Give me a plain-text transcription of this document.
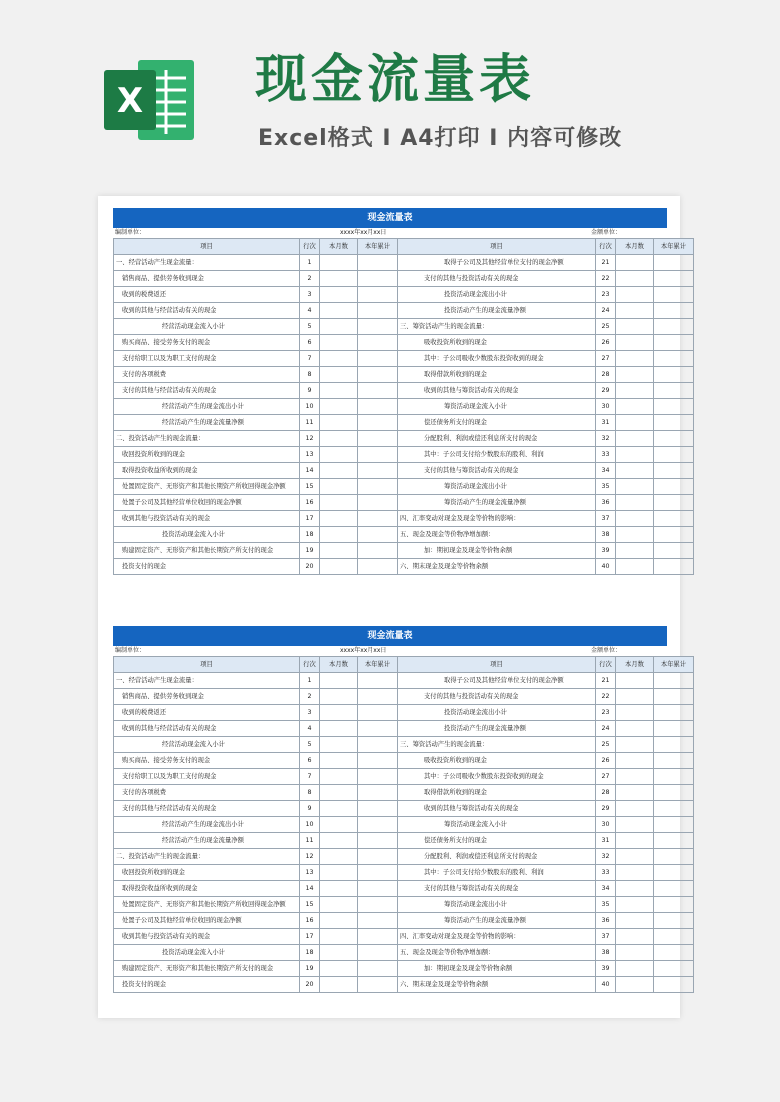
X 现金流量表
Excel格式 Ⅰ A4打印 Ⅰ 内容可修改
现金流量表
编制单位：	xxxx年xx月xx日	金额单位：
项目	行次	本月数	本年累计	项目	行次	本月数	本年累计
一、经营活动产生现金流量：	1			取得子公司及其他经营单位支付的现金净额	21		
销售商品、提供劳务收到现金	2			支付的其他与投资活动有关的现金	22		
收到的税费返还	3			投资活动现金流出小计	23		
收到的其他与经营活动有关的现金	4			投资活动产生的现金流量净额	24		
经营活动现金流入小计	5			三、筹资活动产生的现金流量：	25		
购买商品、接受劳务支付的现金	6			吸收投资所收到的现金	26		
支付给职工以及为职工支付的现金	7			其中：子公司吸收少数股东投资收到的现金	27		
支付的各项税费	8			取得借款所收到的现金	28		
支付的其他与经营活动有关的现金	9			收到的其他与筹资活动有关的现金	29		
经营活动产生的现金流出小计	10			筹资活动现金流入小计	30		
经营活动产生的现金流量净额	11			偿还债务所支付的现金	31		
二、投资活动产生的现金流量：	12			分配股利、利润或偿还利息所支付的现金	32		
收回投资所收到的现金	13			其中：子公司支付给少数股东的股利、利润	33		
取得投资收益所收到的现金	14			支付的其他与筹资活动有关的现金	34		
处置固定资产、无形资产和其他长期资产所收回得现金净额	15			筹资活动现金流出小计	35		
处置子公司及其他经营单位收回的现金净额	16			筹资活动产生的现金流量净额	36		
收到其他与投资活动有关的现金	17			四、汇率变动对现金及现金等价物的影响：	37		
投资活动现金流入小计	18			五、现金及现金等价物净增加额：	38		
购建固定资产、无形资产和其他长期资产所支付的现金	19			加：期初现金及现金等价物余额	39		
投资支付的现金	20			六、期末现金及现金等价物余额	40		
现金流量表
编制单位：	xxxx年xx月xx日	金额单位：
项目	行次	本月数	本年累计	项目	行次	本月数	本年累计
一、经营活动产生现金流量：	1			取得子公司及其他经营单位支付的现金净额	21		
销售商品、提供劳务收到现金	2			支付的其他与投资活动有关的现金	22		
收到的税费返还	3			投资活动现金流出小计	23		
收到的其他与经营活动有关的现金	4			投资活动产生的现金流量净额	24		
经营活动现金流入小计	5			三、筹资活动产生的现金流量：	25		
购买商品、接受劳务支付的现金	6			吸收投资所收到的现金	26		
支付给职工以及为职工支付的现金	7			其中：子公司吸收少数股东投资收到的现金	27		
支付的各项税费	8			取得借款所收到的现金	28		
支付的其他与经营活动有关的现金	9			收到的其他与筹资活动有关的现金	29		
经营活动产生的现金流出小计	10			筹资活动现金流入小计	30		
经营活动产生的现金流量净额	11			偿还债务所支付的现金	31		
二、投资活动产生的现金流量：	12			分配股利、利润或偿还利息所支付的现金	32		
收回投资所收到的现金	13			其中：子公司支付给少数股东的股利、利润	33		
取得投资收益所收到的现金	14			支付的其他与筹资活动有关的现金	34		
处置固定资产、无形资产和其他长期资产所收回得现金净额	15			筹资活动现金流出小计	35		
处置子公司及其他经营单位收回的现金净额	16			筹资活动产生的现金流量净额	36		
收到其他与投资活动有关的现金	17			四、汇率变动对现金及现金等价物的影响：	37		
投资活动现金流入小计	18			五、现金及现金等价物净增加额：	38		
购建固定资产、无形资产和其他长期资产所支付的现金	19			加：期初现金及现金等价物余额	39		
投资支付的现金	20			六、期末现金及现金等价物余额	40		
